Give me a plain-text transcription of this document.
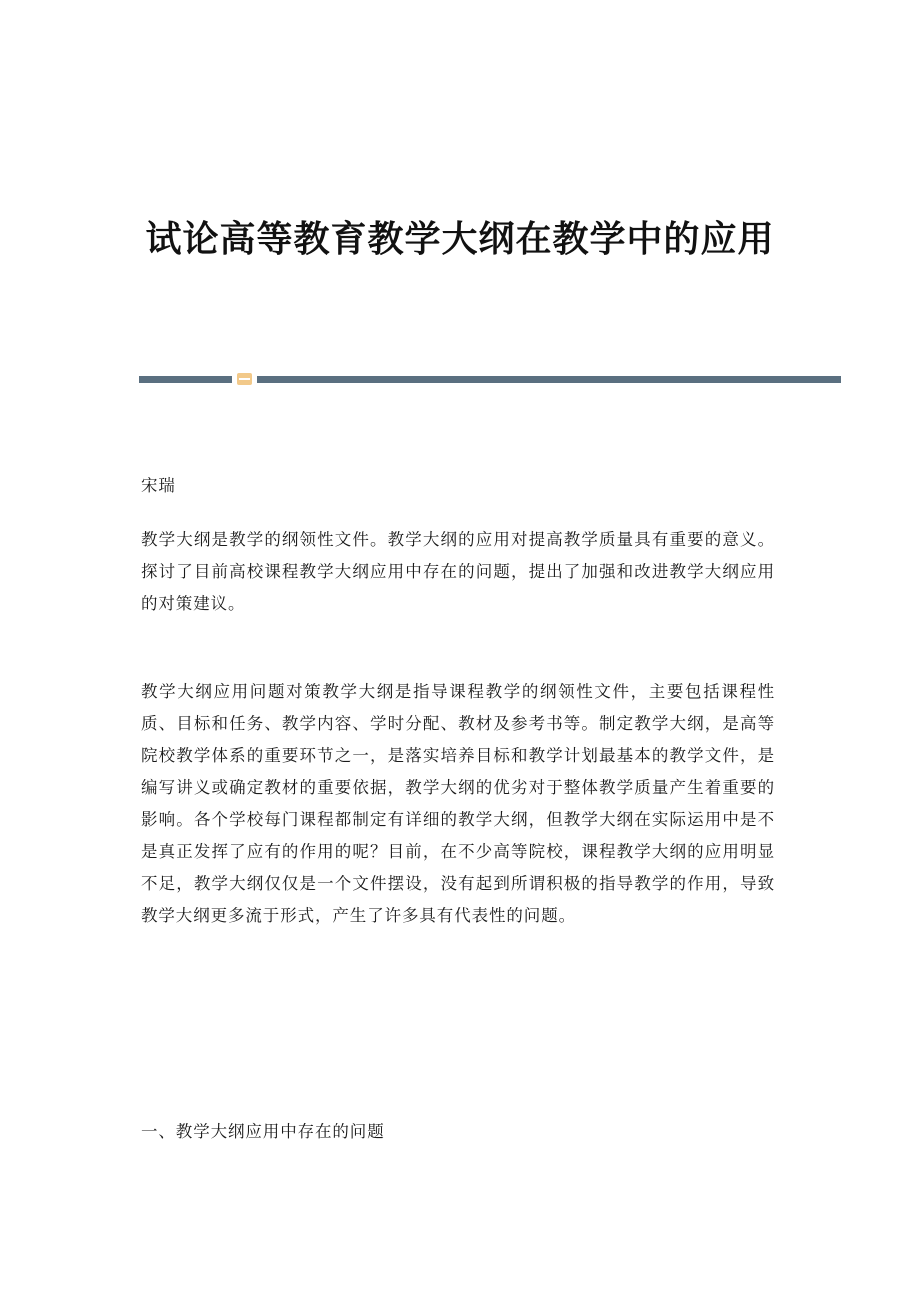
试论高等教育教学大纲在教学中的应用
宋瑞

教学大纲是教学的纲领性文件。教学大纲的应用对提高教学质量具有重要的意义。探讨了目前高校课程教学大纲应用中存在的问题，提出了加强和改进教学大纲应用的对策建议。

教学大纲应用问题对策教学大纲是指导课程教学的纲领性文件，主要包括课程性质、目标和任务、教学内容、学时分配、教材及参考书等。制定教学大纲，是高等院校教学体系的重要环节之一，是落实培养目标和教学计划最基本的教学文件，是编写讲义或确定教材的重要依据，教学大纲的优劣对于整体教学质量产生着重要的影响。各个学校每门课程都制定有详细的教学大纲，但教学大纲在实际运用中是不是真正发挥了应有的作用的呢？目前，在不少高等院校，课程教学大纲的应用明显不足，教学大纲仅仅是一个文件摆设，没有起到所谓积极的指导教学的作用，导致教学大纲更多流于形式，产生了许多具有代表性的问题。

一、教学大纲应用中存在的问题
